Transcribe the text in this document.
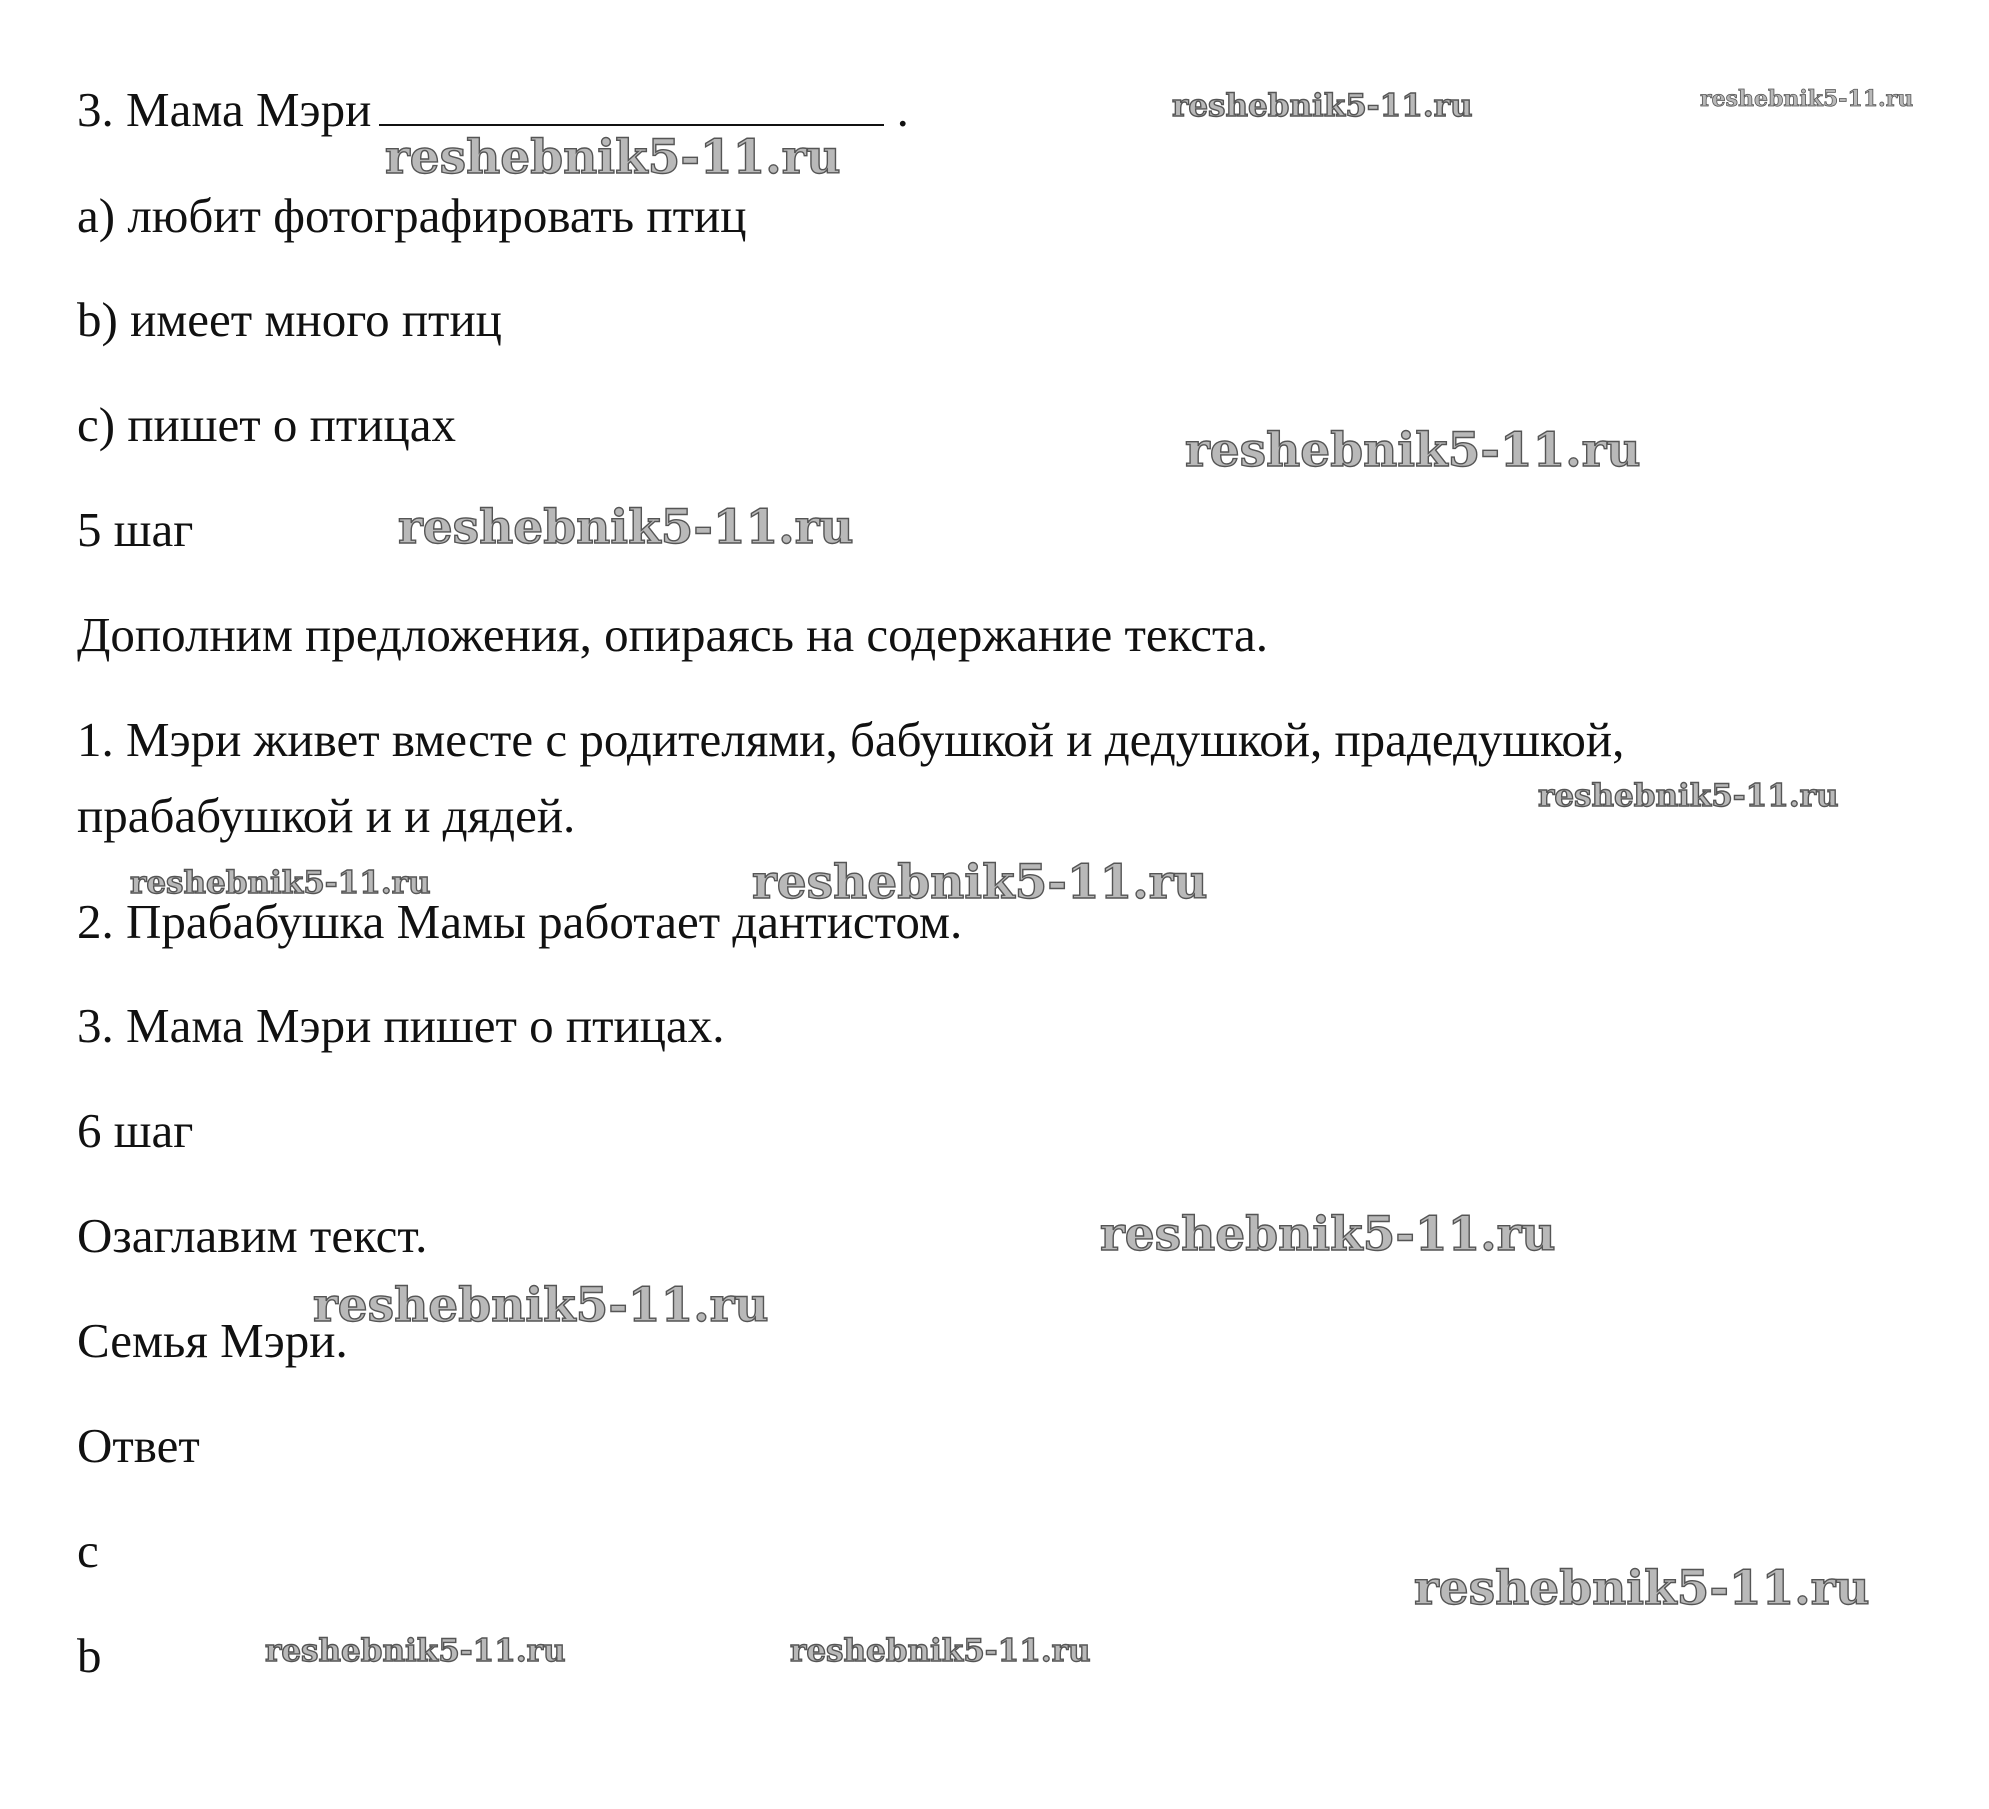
3. Мама Мэри	.
a) любит фотографировать птиц
b) имеет много птиц
c) пишет о птицах
5 шаг
Дополним предложения, опираясь на содержание текста.
1. Мэри живет вместе с родителями, бабушкой и дедушкой, прадедушкой,
прабабушкой и и дядей.
2. Прабабушка Мамы работает дантистом.
3. Мама Мэри пишет о птицах.
6 шаг
Озаглавим текст.
Семья Мэри.
Ответ
c
b
reshebnik5-11.ru	reshebnik5-11.ru
reshebnik5-11.ru
reshebnik5-11.ru
reshebnik5-11.ru
reshebnik5-11.ru
reshebnik5-11.ru	reshebnik5-11.ru
reshebnik5-11.ru
reshebnik5-11.ru
reshebnik5-11.ru
reshebnik5-11.ru	reshebnik5-11.ru
